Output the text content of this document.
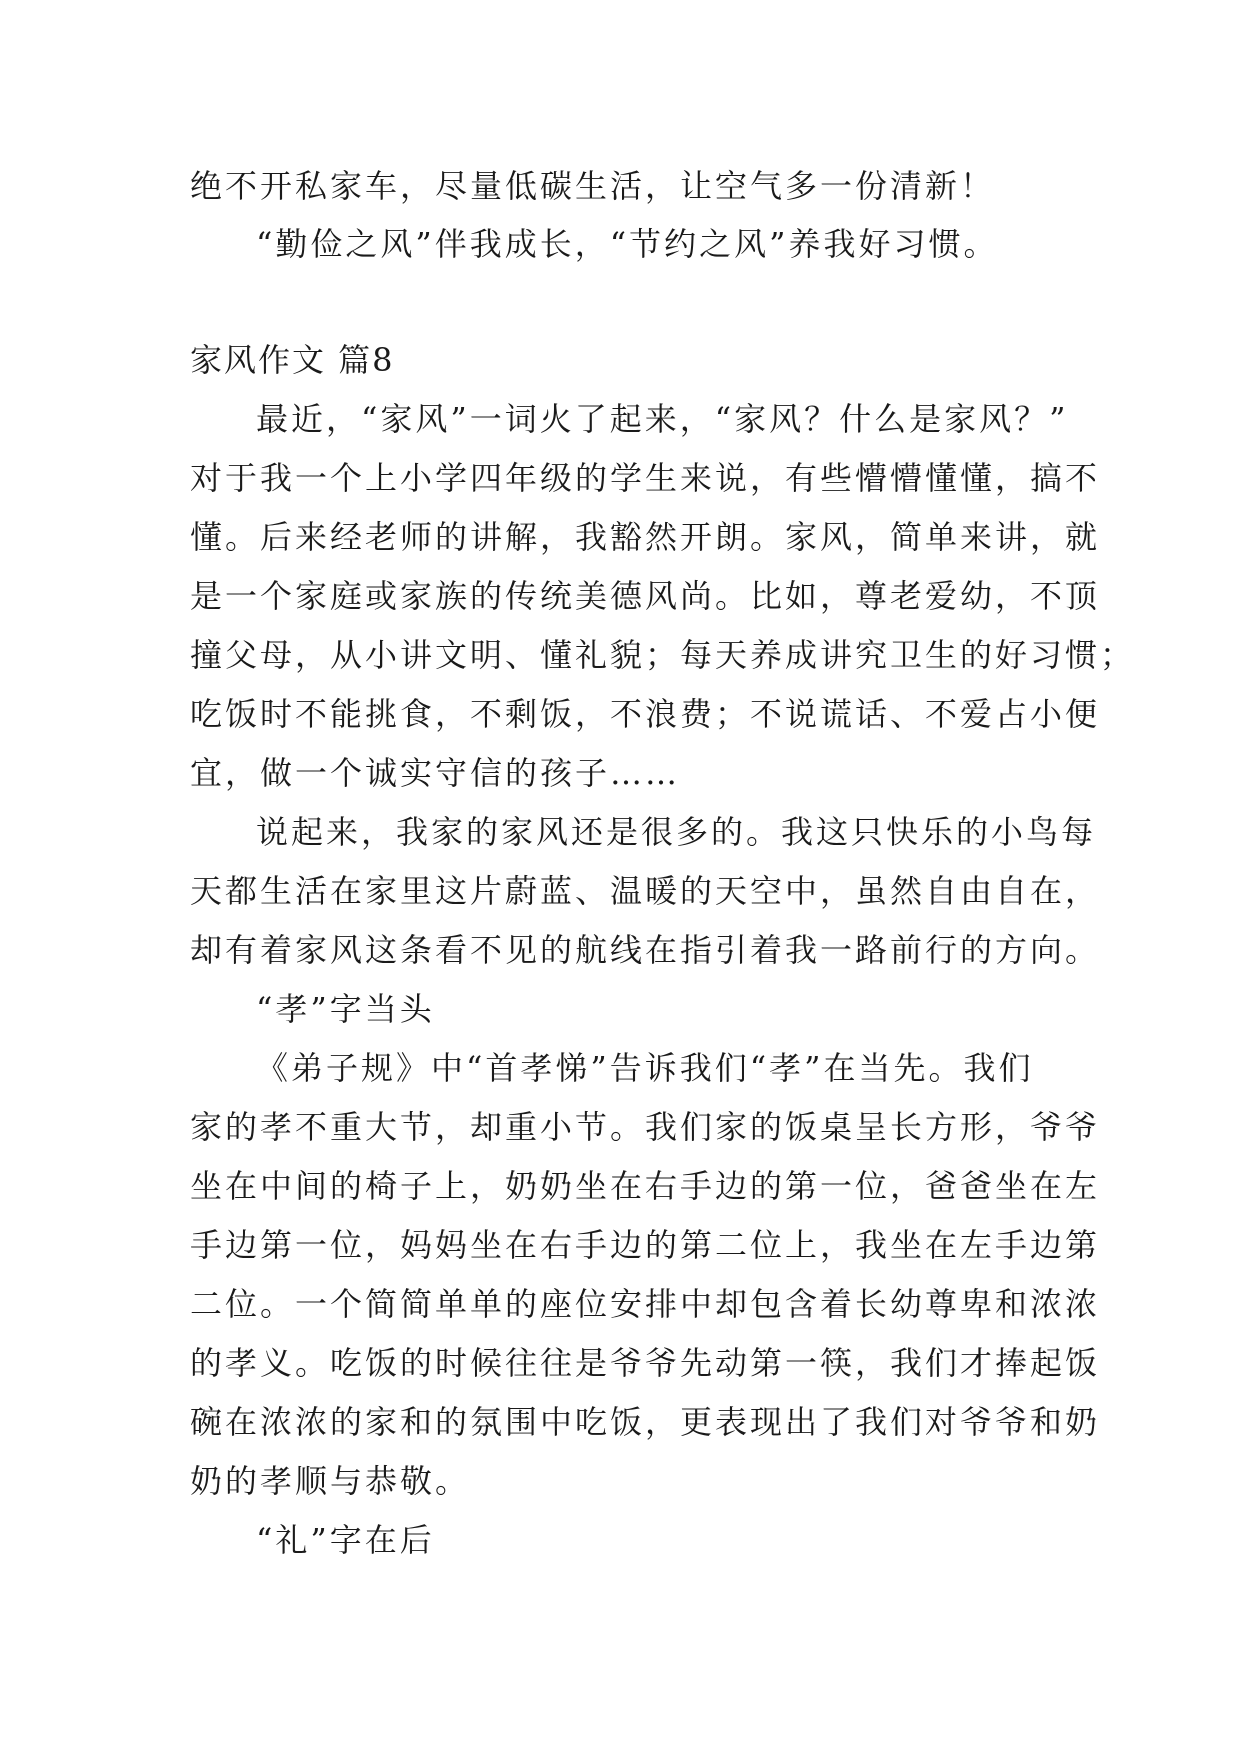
绝不开私家车，尽量低碳生活，让空气多一份清新！
“勤俭之风”伴我成长，“节约之风”养我好习惯。
家风作文 篇8
最近，“家风”一词火了起来，“家风？什么是家风？”
对于我一个上小学四年级的学生来说，有些懵懵懂懂，搞不
懂。后来经老师的讲解，我豁然开朗。家风，简单来讲，就
是一个家庭或家族的传统美德风尚。比如，尊老爱幼，不顶
撞父母，从小讲文明、懂礼貌；每天养成讲究卫生的好习惯；
吃饭时不能挑食，不剩饭，不浪费；不说谎话、不爱占小便
宜，做一个诚实守信的孩子……
说起来，我家的家风还是很多的。我这只快乐的小鸟每
天都生活在家里这片蔚蓝、温暖的天空中，虽然自由自在，
却有着家风这条看不见的航线在指引着我一路前行的方向。
“孝”字当头
《弟子规》中“首孝悌”告诉我们“孝”在当先。我们
家的孝不重大节，却重小节。我们家的饭桌呈长方形，爷爷
坐在中间的椅子上，奶奶坐在右手边的第一位，爸爸坐在左
手边第一位，妈妈坐在右手边的第二位上，我坐在左手边第
二位。一个简简单单的座位安排中却包含着长幼尊卑和浓浓
的孝义。吃饭的时候往往是爷爷先动第一筷，我们才捧起饭
碗在浓浓的家和的氛围中吃饭，更表现出了我们对爷爷和奶
奶的孝顺与恭敬。
“礼”字在后
